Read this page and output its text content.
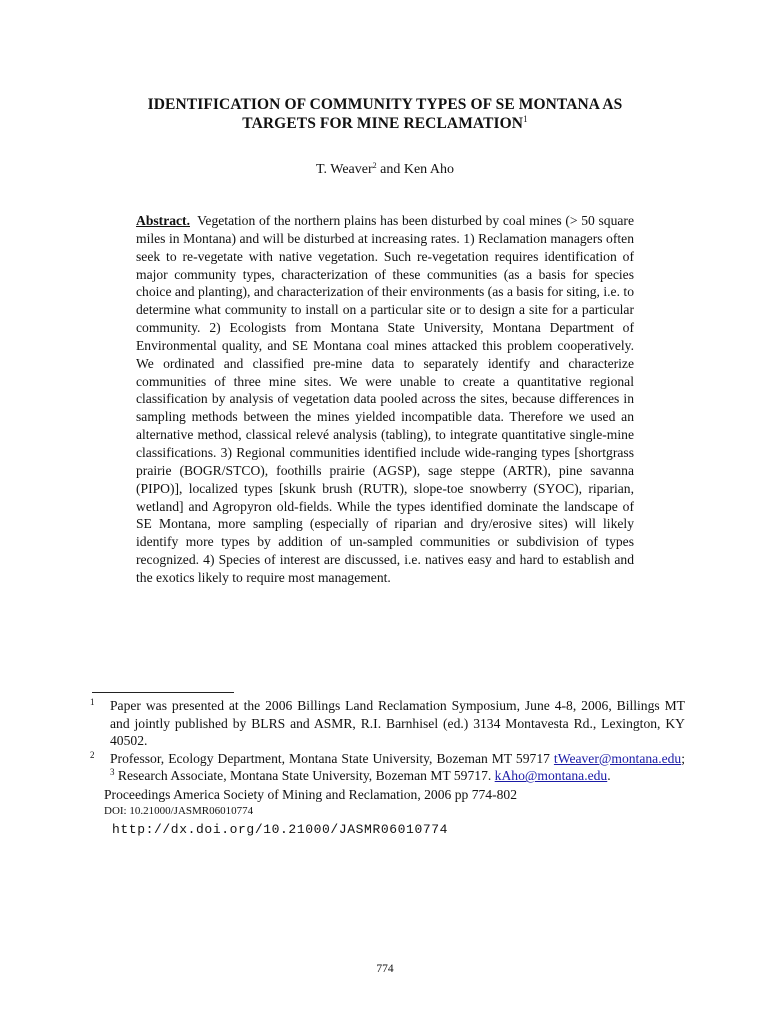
IDENTIFICATION OF COMMUNITY TYPES OF SE MONTANA AS
TARGETS FOR MINE RECLAMATION$^1$
T. Weaver$^2$ and Ken Aho
Abstract. Vegetation of the northern plains has been disturbed by coal mines (> 50 square miles in Montana) and will be disturbed at increasing rates. 1) Reclamation managers often seek to re-vegetate with native vegetation. Such re-vegetation requires identification of major community types, characterization of these communities (as a basis for species choice and planting), and characterization of their environments (as a basis for siting, i.e. to determine what community to install on a particular site or to design a site for a particular community. 2) Ecologists from Montana State University, Montana Department of Environmental quality, and SE Montana coal mines attacked this problem cooperatively. We ordinated and classified pre-mine data to separately identify and characterize communities of three mine sites. We were unable to create a quantitative regional classification by analysis of vegetation data pooled across the sites, because differences in sampling methods between the mines yielded incompatible data. Therefore we used an alternative method, classical relevé analysis (tabling), to integrate quantitative single-mine classifications. 3) Regional communities identified include wide-ranging types [shortgrass prairie (BOGR/STCO), foothills prairie (AGSP), sage steppe (ARTR), pine savanna (PIPO)], localized types [skunk brush (RUTR), slope-toe snowberry (SYOC), riparian, wetland] and Agropyron old-fields. While the types identified dominate the landscape of SE Montana, more sampling (especially of riparian and dry/erosive sites) will likely identify more types by addition of un-sampled communities or subdivision of types recognized. 4) Species of interest are discussed, i.e. natives easy and hard to establish and the exotics likely to require most management.
1 Paper was presented at the 2006 Billings Land Reclamation Symposium, June 4-8, 2006, Billings MT and jointly published by BLRS and ASMR, R.I. Barnhisel (ed.) 3134 Montavesta Rd., Lexington, KY 40502.
2 Professor, Ecology Department, Montana State University, Bozeman MT 59717 tWeaver@montana.edu; $^3$ Research Associate, Montana State University, Bozeman MT 59717. kAho@montana.edu.
Proceedings America Society of Mining and Reclamation, 2006 pp 774-802
DOI: 10.21000/JASMR06010774
http://dx.doi.org/10.21000/JASMR06010774
774
